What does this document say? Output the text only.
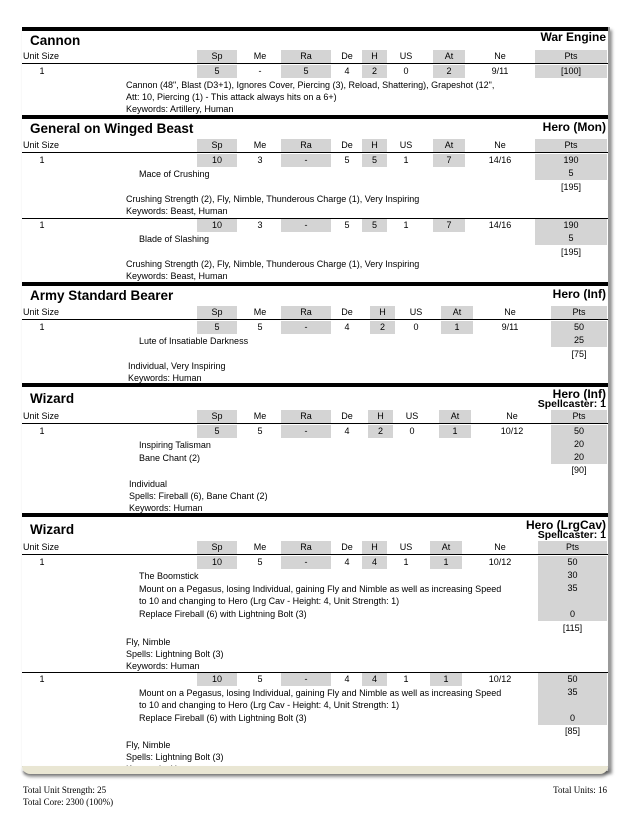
Cannon	War Engine
Unit Size	Sp	Me	Ra	De	H	US	At	Ne	Pts
1	5	-	5	4	2	0	2	9/11	[100]
Cannon (48", Blast (D3+1), Ignores Cover, Piercing (3), Reload, Shattering), Grapeshot (12",
Att: 10, Piercing (1) - This attack always hits on a 6+)
Keywords: Artillery, Human
General on Winged Beast	Hero (Mon)
Unit Size	Sp	Me	Ra	De	H	US	At	Ne	Pts
1	10	3	-	5	5	1	7	14/16	190
Mace of Crushing	5
[195]
Crushing Strength (2), Fly, Nimble, Thunderous Charge (1), Very Inspiring
Keywords: Beast, Human
1	10	3	-	5	5	1	7	14/16	190
Blade of Slashing	5
[195]
Crushing Strength (2), Fly, Nimble, Thunderous Charge (1), Very Inspiring
Keywords: Beast, Human
Army Standard Bearer	Hero (Inf)
Unit Size	Sp	Me	Ra	De	H	US	At	Ne	Pts
1	5	5	-	4	2	0	1	9/11	50
Lute of Insatiable Darkness	25
[75]
Individual, Very Inspiring
Keywords: Human
Wizard	Hero (Inf)
Spellcaster: 1
Unit Size	Sp	Me	Ra	De	H	US	At	Ne	Pts
1	5	5	-	4	2	0	1	10/12	50
Inspiring Talisman	20
Bane Chant (2)	20
[90]
Individual
Spells: Fireball (6), Bane Chant (2)
Keywords: Human
Wizard	Hero (LrgCav)
Spellcaster: 1
Unit Size	Sp	Me	Ra	De	H	US	At	Ne	Pts
1	10	5	-	4	4	1	1	10/12	50
The Boomstick	30
Mount on a Pegasus, losing Individual, gaining Fly and Nimble as well as increasing Speed	35
to 10 and changing to Hero (Lrg Cav - Height: 4, Unit Strength: 1)
Replace Fireball (6) with Lightning Bolt (3)	0
[115]
Fly, Nimble
Spells: Lightning Bolt (3)
Keywords: Human
1	10	5	-	4	4	1	1	10/12	50
Mount on a Pegasus, losing Individual, gaining Fly and Nimble as well as increasing Speed	35
to 10 and changing to Hero (Lrg Cav - Height: 4, Unit Strength: 1)
Replace Fireball (6) with Lightning Bolt (3)	0
[85]
Fly, Nimble
Spells: Lightning Bolt (3)
Total Unit Strength: 25
Total Core: 2300 (100%)
Total Units: 16
